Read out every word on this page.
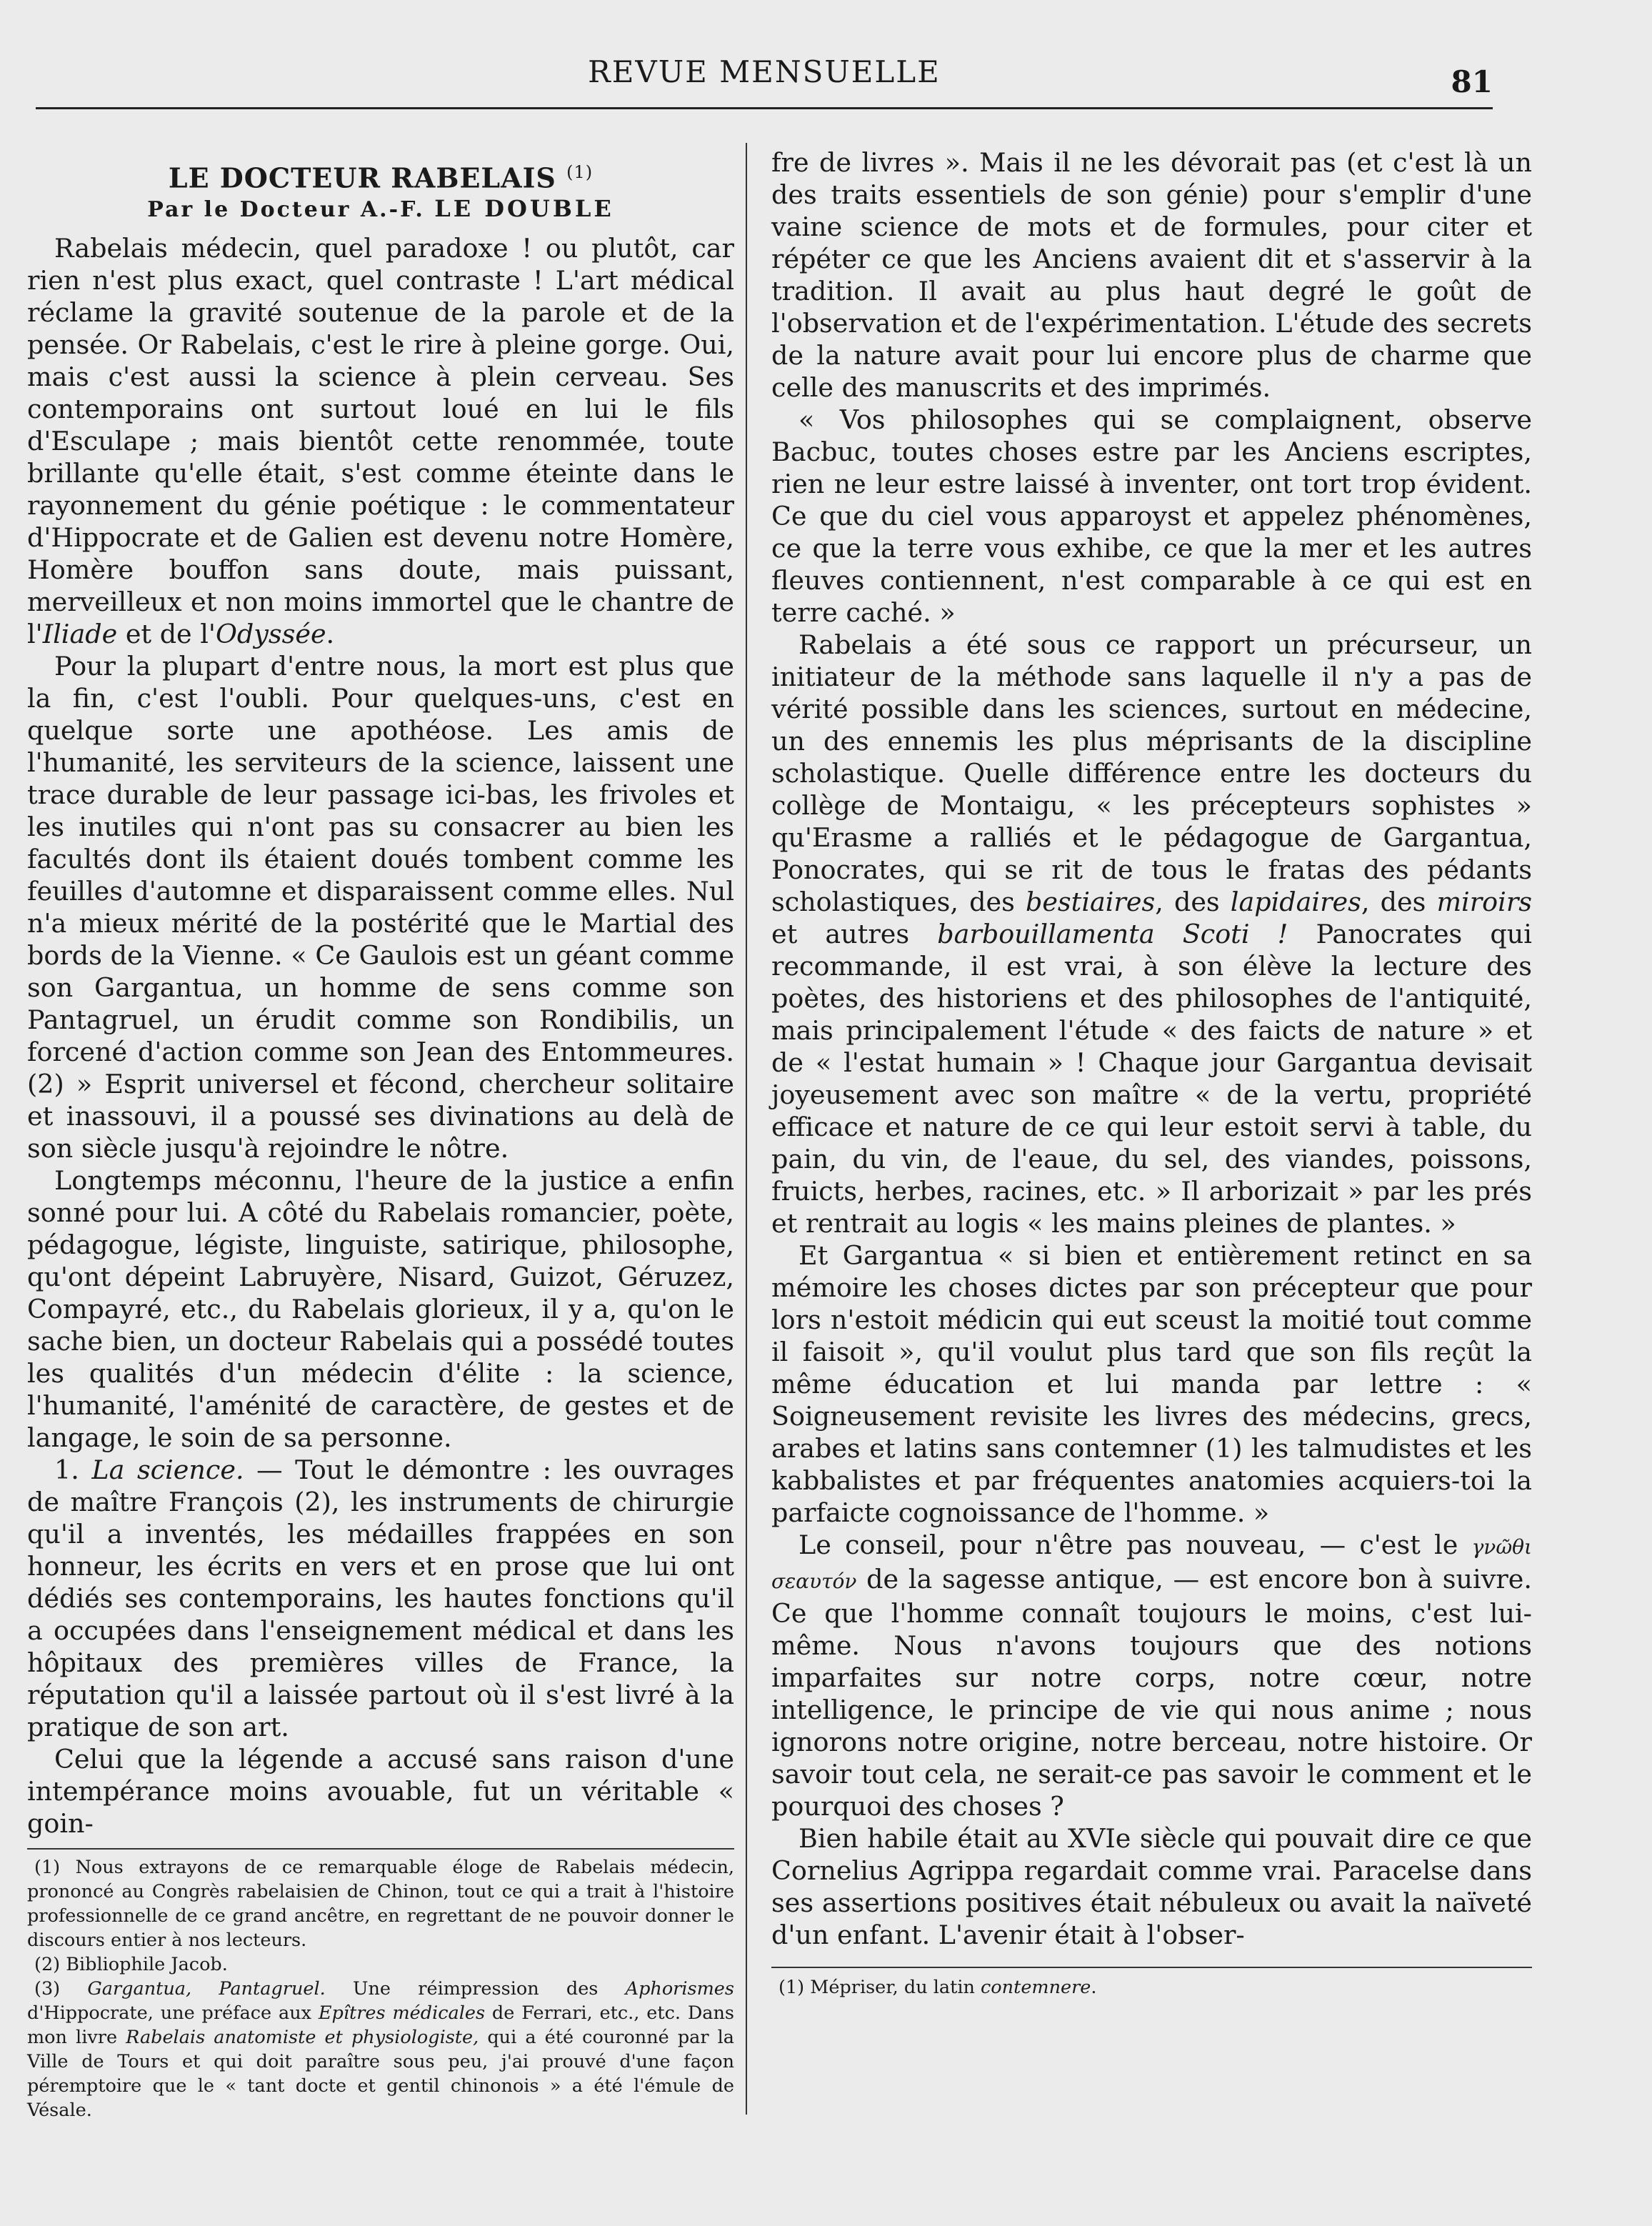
REVUE MENSUELLE	81
LE DOCTEUR RABELAIS $^{(1)}$
Par le Docteur A.-F. LE DOUBLE

Rabelais médecin, quel paradoxe ! ou plutôt, car rien n'est plus exact, quel contraste ! L'art médical réclame la gravité soutenue de la parole et de la pensée. Or Rabelais, c'est le rire à pleine gorge. Oui, mais c'est aussi la science à plein cerveau. Ses contemporains ont surtout loué en lui le fils d'Esculape ; mais bientôt cette renommée, toute brillante qu'elle était, s'est comme éteinte dans le rayonnement du génie poétique : le commentateur d'Hippocrate et de Galien est devenu notre Homère, Homère bouffon sans doute, mais puissant, merveilleux et non moins immortel que le chantre de l'Iliade et de l'Odyssée.

Pour la plupart d'entre nous, la mort est plus que la fin, c'est l'oubli. Pour quelques-uns, c'est en quelque sorte une apothéose. Les amis de l'humanité, les serviteurs de la science, laissent une trace durable de leur passage ici-bas, les frivoles et les inutiles qui n'ont pas su consacrer au bien les facultés dont ils étaient doués tombent comme les feuilles d'automne et disparaissent comme elles. Nul n'a mieux mérité de la postérité que le Martial des bords de la Vienne. « Ce Gaulois est un géant comme son Gargantua, un homme de sens comme son Pantagruel, un érudit comme son Rondibilis, un forcené d'action comme son Jean des Entommeures. (2) » Esprit universel et fécond, chercheur solitaire et inassouvi, il a poussé ses divinations au delà de son siècle jusqu'à rejoindre le nôtre.

Longtemps méconnu, l'heure de la justice a enfin sonné pour lui. A côté du Rabelais romancier, poète, pédagogue, légiste, linguiste, satirique, philosophe, qu'ont dépeint Labruyère, Nisard, Guizot, Géruzez, Compayré, etc., du Rabelais glorieux, il y a, qu'on le sache bien, un docteur Rabelais qui a possédé toutes les qualités d'un médecin d'élite : la science, l'humanité, l'aménité de caractère, de gestes et de langage, le soin de sa personne.

1. La science. — Tout le démontre : les ouvrages de maître François (2), les instruments de chirurgie qu'il a inventés, les médailles frappées en son honneur, les écrits en vers et en prose que lui ont dédiés ses contemporains, les hautes fonctions qu'il a occupées dans l'enseignement médical et dans les hôpitaux des premières villes de France, la réputation qu'il a laissée partout où il s'est livré à la pratique de son art.

Celui que la légende a accusé sans raison d'une intempérance moins avouable, fut un véritable « goin-

(1) Nous extrayons de ce remarquable éloge de Rabelais médecin, prononcé au Congrès rabelaisien de Chinon, tout ce qui a trait à l'histoire professionnelle de ce grand ancêtre, en regrettant de ne pouvoir donner le discours entier à nos lecteurs.

(2) Bibliophile Jacob.

(3) Gargantua, Pantagruel. Une réimpression des Aphorismes d'Hippocrate, une préface aux Epîtres médicales de Ferrari, etc., etc. Dans mon livre Rabelais anatomiste et physiologiste, qui a été couronné par la Ville de Tours et qui doit paraître sous peu, j'ai prouvé d'une façon péremptoire que le « tant docte et gentil chinonois » a été l'émule de Vésale.

fre de livres ». Mais il ne les dévorait pas (et c'est là un des traits essentiels de son génie) pour s'emplir d'une vaine science de mots et de formules, pour citer et répéter ce que les Anciens avaient dit et s'asservir à la tradition. Il avait au plus haut degré le goût de l'observation et de l'expérimentation. L'étude des secrets de la nature avait pour lui encore plus de charme que celle des manuscrits et des imprimés.

« Vos philosophes qui se complaignent, observe Bacbuc, toutes choses estre par les Anciens escriptes, rien ne leur estre laissé à inventer, ont tort trop évident. Ce que du ciel vous apparoyst et appelez phénomènes, ce que la terre vous exhibe, ce que la mer et les autres fleuves contiennent, n'est comparable à ce qui est en terre caché. »

Rabelais a été sous ce rapport un précurseur, un initiateur de la méthode sans laquelle il n'y a pas de vérité possible dans les sciences, surtout en médecine, un des ennemis les plus méprisants de la discipline scholastique. Quelle différence entre les docteurs du collège de Montaigu, « les précepteurs sophistes » qu'Erasme a ralliés et le pédagogue de Gargantua, Ponocrates, qui se rit de tous le fratas des pédants scholastiques, des bestiaires, des lapidaires, des miroirs et autres barbouillamenta Scoti ! Panocrates qui recommande, il est vrai, à son élève la lecture des poètes, des historiens et des philosophes de l'antiquité, mais principalement l'étude « des faicts de nature » et de « l'estat humain » ! Chaque jour Gargantua devisait joyeusement avec son maître « de la vertu, propriété efficace et nature de ce qui leur estoit servi à table, du pain, du vin, de l'eaue, du sel, des viandes, poissons, fruicts, herbes, racines, etc. » Il arborizait » par les prés et rentrait au logis « les mains pleines de plantes. »

Et Gargantua « si bien et entièrement retinct en sa mémoire les choses dictes par son précepteur que pour lors n'estoit médicin qui eut sceust la moitié tout comme il faisoit », qu'il voulut plus tard que son fils reçût la même éducation et lui manda par lettre : « Soigneusement revisite les livres des médecins, grecs, arabes et latins sans contemner (1) les talmudistes et les kabbalistes et par fréquentes anatomies acquiers-toi la parfaicte cognoissance de l'homme. »

Le conseil, pour n'être pas nouveau, — c'est le γνῶθι σεαυτόν de la sagesse antique, — est encore bon à suivre. Ce que l'homme connaît toujours le moins, c'est lui-même. Nous n'avons toujours que des notions imparfaites sur notre corps, notre cœur, notre intelligence, le principe de vie qui nous anime ; nous ignorons notre origine, notre berceau, notre histoire. Or savoir tout cela, ne serait-ce pas savoir le comment et le pourquoi des choses ?

Bien habile était au XVIe siècle qui pouvait dire ce que Cornelius Agrippa regardait comme vrai. Paracelse dans ses assertions positives était nébuleux ou avait la naïveté d'un enfant. L'avenir était à l'obser-

(1) Mépriser, du latin contemnere.
